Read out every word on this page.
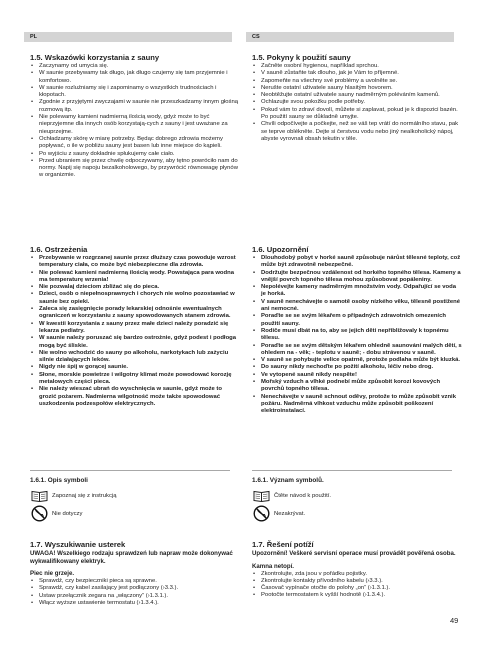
PL	CS
1.5. Wskazówki korzystania z sauny
• Zaczynamy od umycia się.
• W saunie przebywamy tak długo, jak długo czujemy się tam przyjemnie i komfortowo.
• W saunie rozluźniamy się i zapominamy o wszystkich trudnościach i kłopotach.
• Zgodnie z przyjętymi zwyczajami w saunie nie przeszkadzamy innym głośną rozmową itp.
• Nie polewamy kamieni nadmierną ilością wody, gdyż może to być nieprzyjemne dla innych osób korzystają-cych z sauny i jest uważane za nieuprzejme.
• Ochładzamy skórę w miarę potrzeby. Będąc dobrego zdrowia możemy popływać, o ile w pobliżu sauny jest basen lub inne miejsce do kąpieli.
• Po wyjściu z sauny dokładnie spłukujemy całe ciało.
• Przed ubraniem się przez chwilę odpoczywamy, aby tętno powróciło nam do normy. Napij się napoju bezalkoholowego, by przywrócić równowagę płynów w organizmie.
1.6. Ostrzeżenia
• Przebywanie w rozgrzanej saunie przez dłuższy czas powoduje wzrost temperatury ciała, co może być niebezpieczne dla zdrowia.
• Nie polewać kamieni nadmierną ilością wody. Powstająca para wodna ma temperaturę wrzenia!
• Nie pozwalaj dzieciom zbliżać się do pieca.
• Dzieci, osób o niepełnosprawnych i chorych nie wolno pozostawiać w saunie bez opieki.
• Zaleca się zasięgnięcie porady lekarskiej odnośnie ewentualnych ograniczeń w korzystaniu z sauny spowodowanych stanem zdrowia.
• W kwestii korzystania z sauny przez małe dzieci należy poradzić się lekarza pediatry.
• W saunie należy poruszać się bardzo ostrożnie, gdyż podest i podłoga mogą być śliskie.
• Nie wolno wchodzić do sauny po alkoholu, narkotykach lub zażyciu silnie działających leków.
• Nigdy nie śpij w gorącej saunie.
• Słone, morskie powietrze i wilgotny klimat może powodować korozję metalowych części pieca.
• Nie należy wieszać ubrań do wyschnięcia w saunie, gdyż może to grozić pożarem. Nadmierna wilgotność może także spowodować uszkodzenia podzespołów elektrycznych.
1.6.1. Opis symboli
Zapoznaj się z instrukcją
Nie dotyczy
1.7. Wyszukiwanie usterek

UWAGA! Wszelkiego rodzaju sprawdzeń lub napraw może dokonywać wykwalifikowany elektryk.

Piec nie grzeje.

• Sprawdź, czy bezpieczniki pieca są sprawne.
• Sprawdź, czy kabel zasilający jest podłączony (›3.3.).
• Ustaw przełącznik zegara na „włączony” (›1.3.1.).
• Włącz wyższe ustawienie termostatu (›1.3.4.).
1.5. Pokyny k použití sauny
• Začněte osobní hygienou, například sprchou.
• V sauně zůstaňte tak dlouho, jak je Vám to příjemné.
• Zapomeňte na všechny své problémy a uvolněte se.
• Nerušte ostatní uživatele sauny hlasitým hovorem.
• Neobtěžujte ostatní uživatele sauny nadměrným poléváním kamenů.
• Ochlazujte svou pokožku podle potřeby.
• Pokud vám to zdraví dovolí, můžete si zaplavat, pokud je k dispozici bazén. Po použití sauny se důkladně umyjte.
• Chvíli odpočívejte a počkejte, než se váš tep vrátí do normálního stavu, pak se teprve oblékněte. Dejte si čerstvou vodu nebo jiný nealkoholický nápoj, abyste vyrovnali obsah tekutin v těle.
1.6. Upozornění
• Dlouhodobý pobyt v horké sauně způsobuje nárůst tělesné teploty, což může být zdravotně nebezpečné.
• Dodržujte bezpečnou vzdálenost od horkého topného tělesa. Kameny a vnější povrch topného tělesa mohou způsobovat popáleniny.
• Nepolévejte kameny nadměrným množstvím vody. Odpařující se voda je horká.
• V sauně nenechávejte o samotě osoby nízkého věku, tělesně postižené ani nemocné.
• Poraďte se se svým lékařem o případných zdravotních omezeních použití sauny.
• Rodiče musí dbát na to, aby se jejich děti nepřibližovaly k topnému tělesu.
• Poraďte se se svým dětským lékařem ohledně saunování malých dětí, s ohledem na - věk; - teplotu v sauně; - dobu strávenou v sauně.
• V sauně se pohybujte velice opatrně, protože podlaha může být kluzká.
• Do sauny nikdy nechoďte po požití alkoholu, léčiv nebo drog.
• Ve vytopené sauně nikdy nespěte!
• Mořský vzduch a vlhké podnebí může způsobit korozi kovových povrchů topného tělesa.
• Nenechávejte v sauně schnout oděvy, protože to může způsobit vznik požáru. Nadměrná vlhkost vzduchu může způsobit poškození elektroinstalací.
1.6.1. Význam symbolů.
Čtěte návod k použití.
Nezakrývat.
1.7. Řešení potíží

Upozornění! Veškeré servisní operace musí provádět pověřená osoba.

Kamna netopí.

• Zkontrolujte, zda jsou v pořádku pojistky.
• Zkontrolujte kontakty přívodního kabelu (›3.3.).
• Časovač vypínače otočte do polohy „on“ (›1.3.1.).
• Pootočte termostatem k vyšší hodnotě (›1.3.4.).
49
